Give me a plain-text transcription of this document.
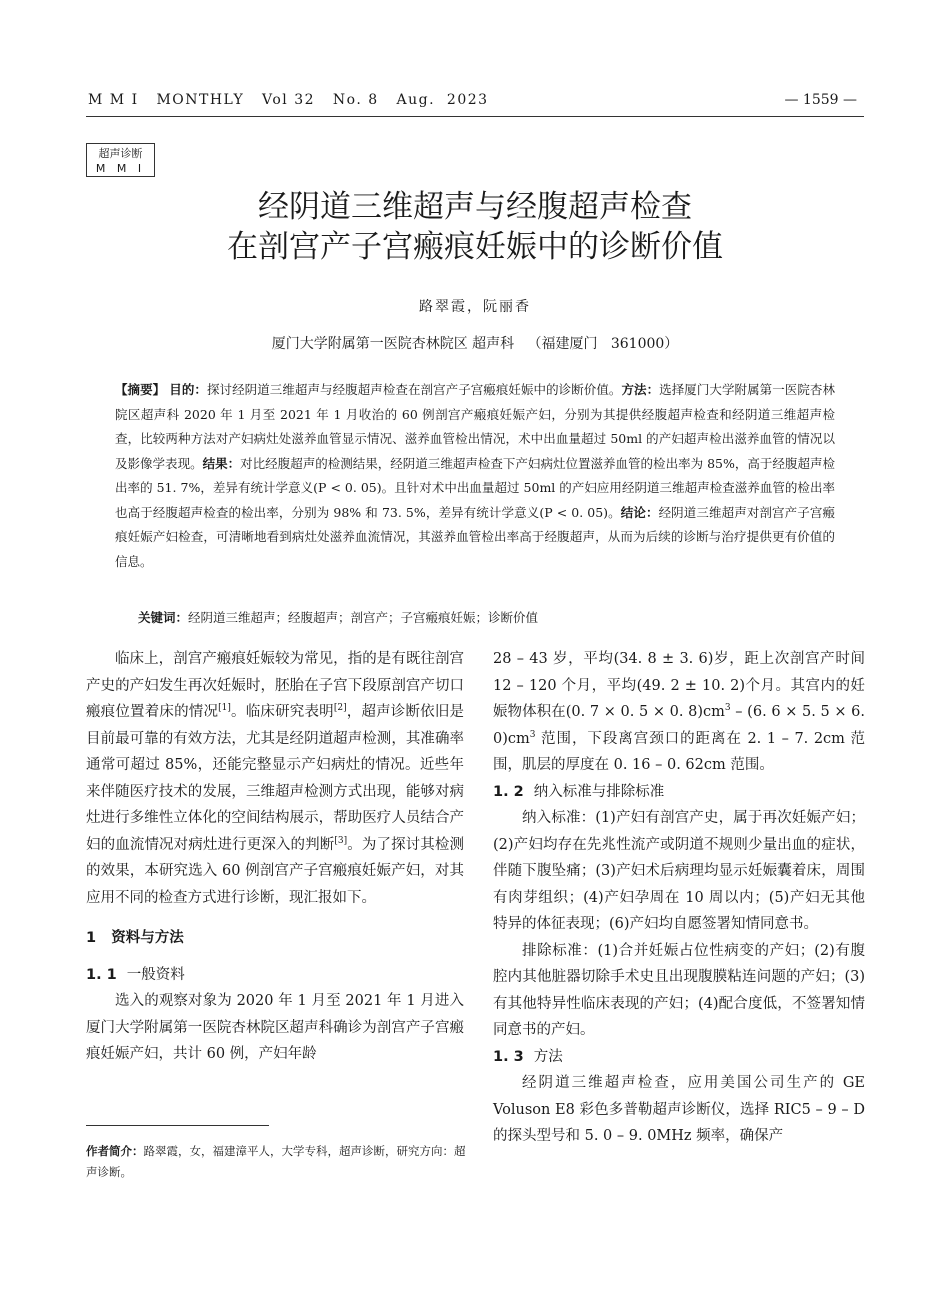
M M I   MONTHLY   Vol 32   No. 8   Aug.  2023	— 1559 —
超声诊断
M M I
经阴道三维超声与经腹超声检查
在剖宫产子宫瘢痕妊娠中的诊断价值
路翠霞，阮丽香
厦门大学附属第一医院杏林院区 超声科   （福建厦门   361000）
【摘要】 目的：探讨经阴道三维超声与经腹超声检查在剖宫产子宫瘢痕妊娠中的诊断价值。方法：选择厦门大学附属第一医院杏林院区超声科 2020 年 1 月至 2021 年 1 月收治的 60 例剖宫产瘢痕妊娠产妇，分别为其提供经腹超声检查和经阴道三维超声检查，比较两种方法对产妇病灶处滋养血管显示情况、滋养血管检出情况，术中出血量超过 50ml 的产妇超声检出滋养血管的情况以及影像学表现。结果：对比经腹超声的检测结果，经阴道三维超声检查下产妇病灶位置滋养血管的检出率为 85%，高于经腹超声检出率的 51. 7%，差异有统计学意义(P < 0. 05)。且针对术中出血量超过 50ml 的产妇应用经阴道三维超声检查滋养血管的检出率也高于经腹超声检查的检出率，分别为 98% 和 73. 5%，差异有统计学意义(P < 0. 05)。结论：经阴道三维超声对剖宫产子宫瘢痕妊娠产妇检查，可清晰地看到病灶处滋养血流情况，其滋养血管检出率高于经腹超声，从而为后续的诊断与治疗提供更有价值的信息。
关键词：经阴道三维超声；经腹超声；剖宫产；子宫瘢痕妊娠；诊断价值

临床上，剖宫产瘢痕妊娠较为常见，指的是有既往剖宫产史的产妇发生再次妊娠时，胚胎在子宫下段原剖宫产切口瘢痕位置着床的情况[1]。临床研究表明[2]，超声诊断依旧是目前最可靠的有效方法，尤其是经阴道超声检测，其准确率通常可超过 85%，还能完整显示产妇病灶的情况。近些年来伴随医疗技术的发展，三维超声检测方式出现，能够对病灶进行多维性立体化的空间结构展示，帮助医疗人员结合产妇的血流情况对病灶进行更深入的判断[3]。为了探讨其检测的效果，本研究选入 60 例剖宫产子宫瘢痕妊娠产妇，对其应用不同的检查方式进行诊断，现汇报如下。

1   资料与方法

1. 1 一般资料

选入的观察对象为 2020 年 1 月至 2021 年 1 月进入厦门大学附属第一医院杏林院区超声科确诊为剖宫产子宫瘢痕妊娠产妇，共计 60 例，产妇年龄

作者简介：路翠霞，女，福建漳平人，大学专科，超声诊断，研究方向：超声诊断。

28 – 43 岁，平均(34. 8 ± 3. 6)岁，距上次剖宫产时间 12 – 120 个月，平均(49. 2 ± 10. 2)个月。其宫内的妊娠物体积在(0. 7 × 0. 5 × 0. $8)cm^3 - (6$. 6 × 5. 5 × 6. $0)cm^3$ 范围，下段离宫颈口的距离在 2. 1 – 7. 2cm 范围，肌层的厚度在 0. 16 – 0. 62cm 范围。

1. 2 纳入标准与排除标准

纳入标准：(1)产妇有剖宫产史，属于再次妊娠产妇；(2)产妇均存在先兆性流产或阴道不规则少量出血的症状，伴随下腹坠痛；(3)产妇术后病理均显示妊娠囊着床，周围有肉芽组织；(4)产妇孕周在 10 周以内；(5)产妇无其他特异的体征表现；(6)产妇均自愿签署知情同意书。

排除标准：(1)合并妊娠占位性病变的产妇；(2)有腹腔内其他脏器切除手术史且出现腹膜粘连问题的产妇；(3)有其他特异性临床表现的产妇；(4)配合度低，不签署知情同意书的产妇。

1. 3 方法

经阴道三维超声检查，应用美国公司生产的 GE Voluson E8 彩色多普勒超声诊断仪，选择 RIC5 – 9 – D 的探头型号和 5. 0 – 9. 0MHz 频率，确保产
